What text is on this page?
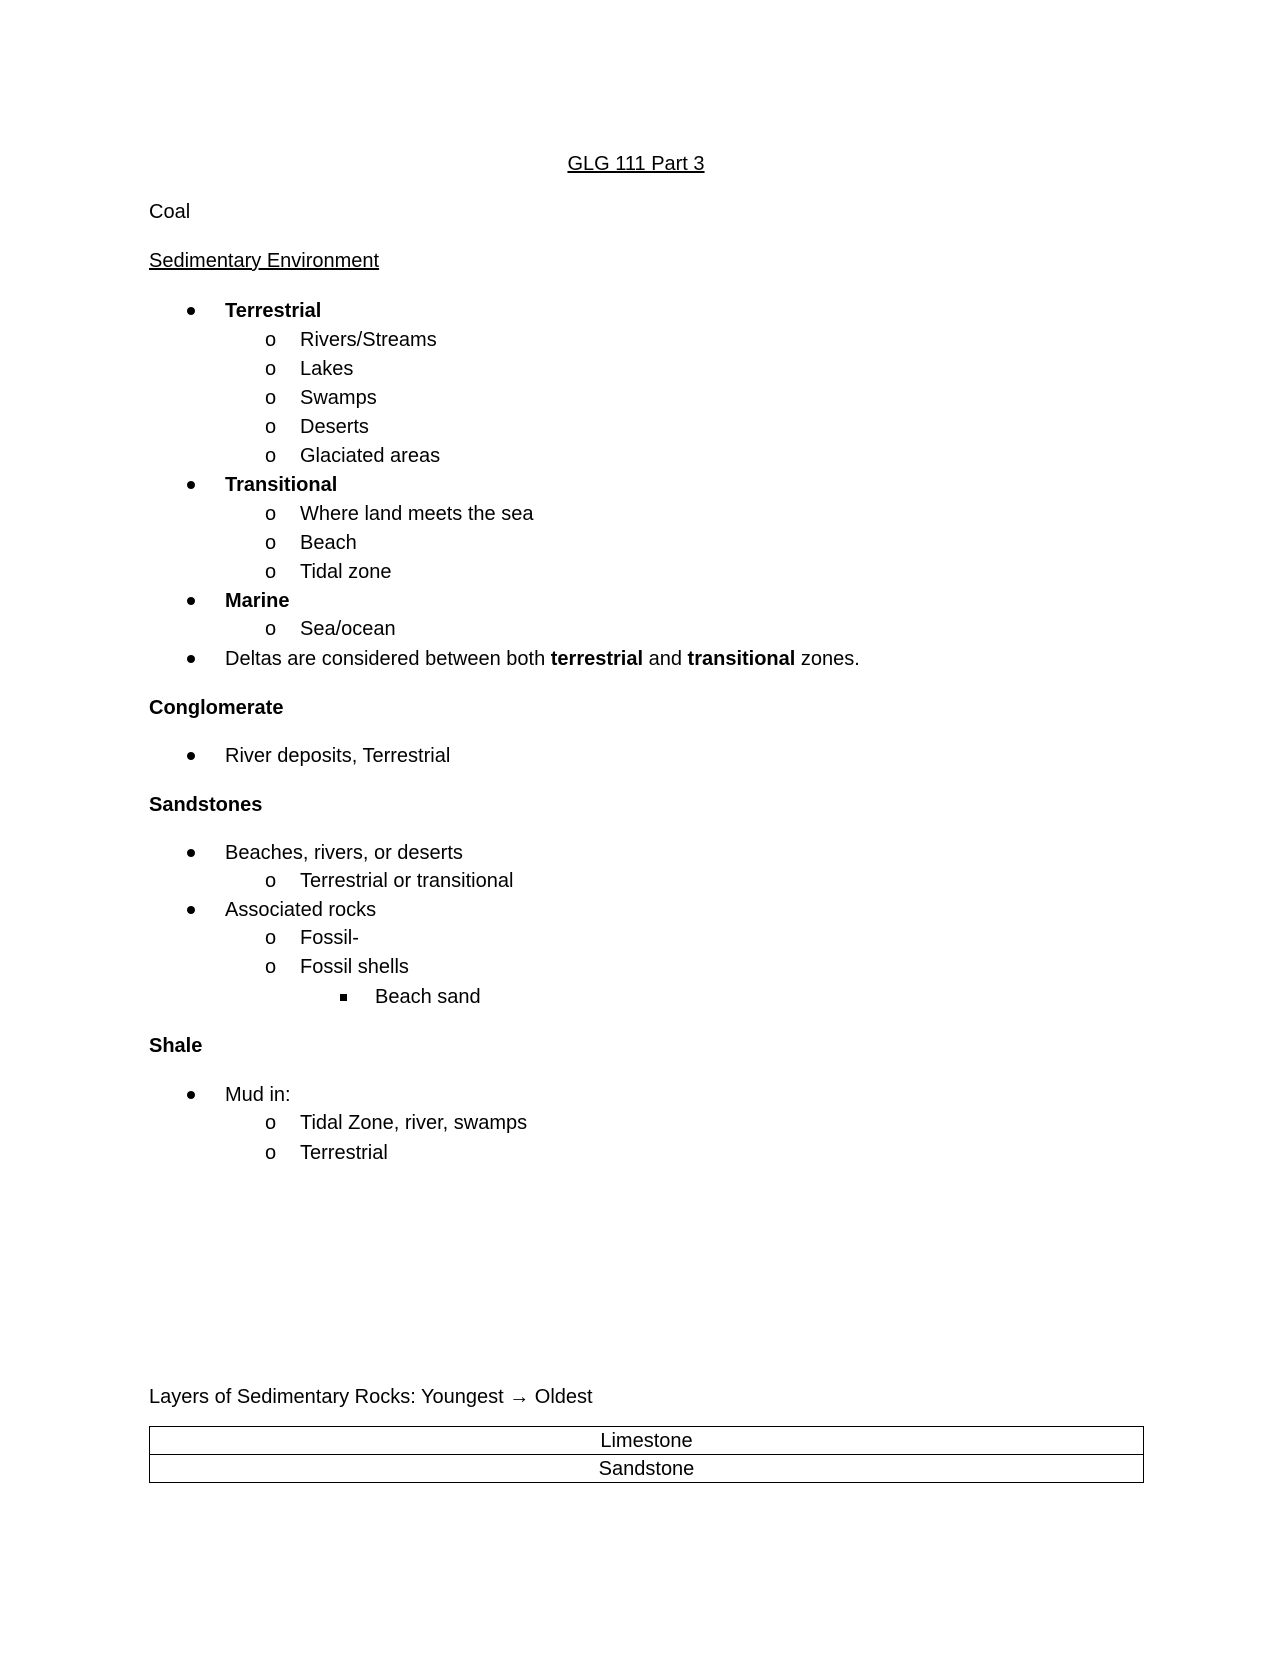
GLG 111 Part 3
Coal
Sedimentary Environment
Terrestrial
o Rivers/Streams
o Lakes
o Swamps
o Deserts
o Glaciated areas
Transitional
o Where land meets the sea
o Beach
o Tidal zone
Marine
o Sea/ocean
Deltas are considered between both terrestrial and transitional zones.
Conglomerate
River deposits, Terrestrial
Sandstones
Beaches, rivers, or deserts
o Terrestrial or transitional
Associated rocks
o Fossil-
o Fossil shells
Beach sand
Shale
Mud in:
o Tidal Zone, river, swamps
o Terrestrial
Layers of Sedimentary Rocks: Youngest → Oldest
Limestone
Sandstone
